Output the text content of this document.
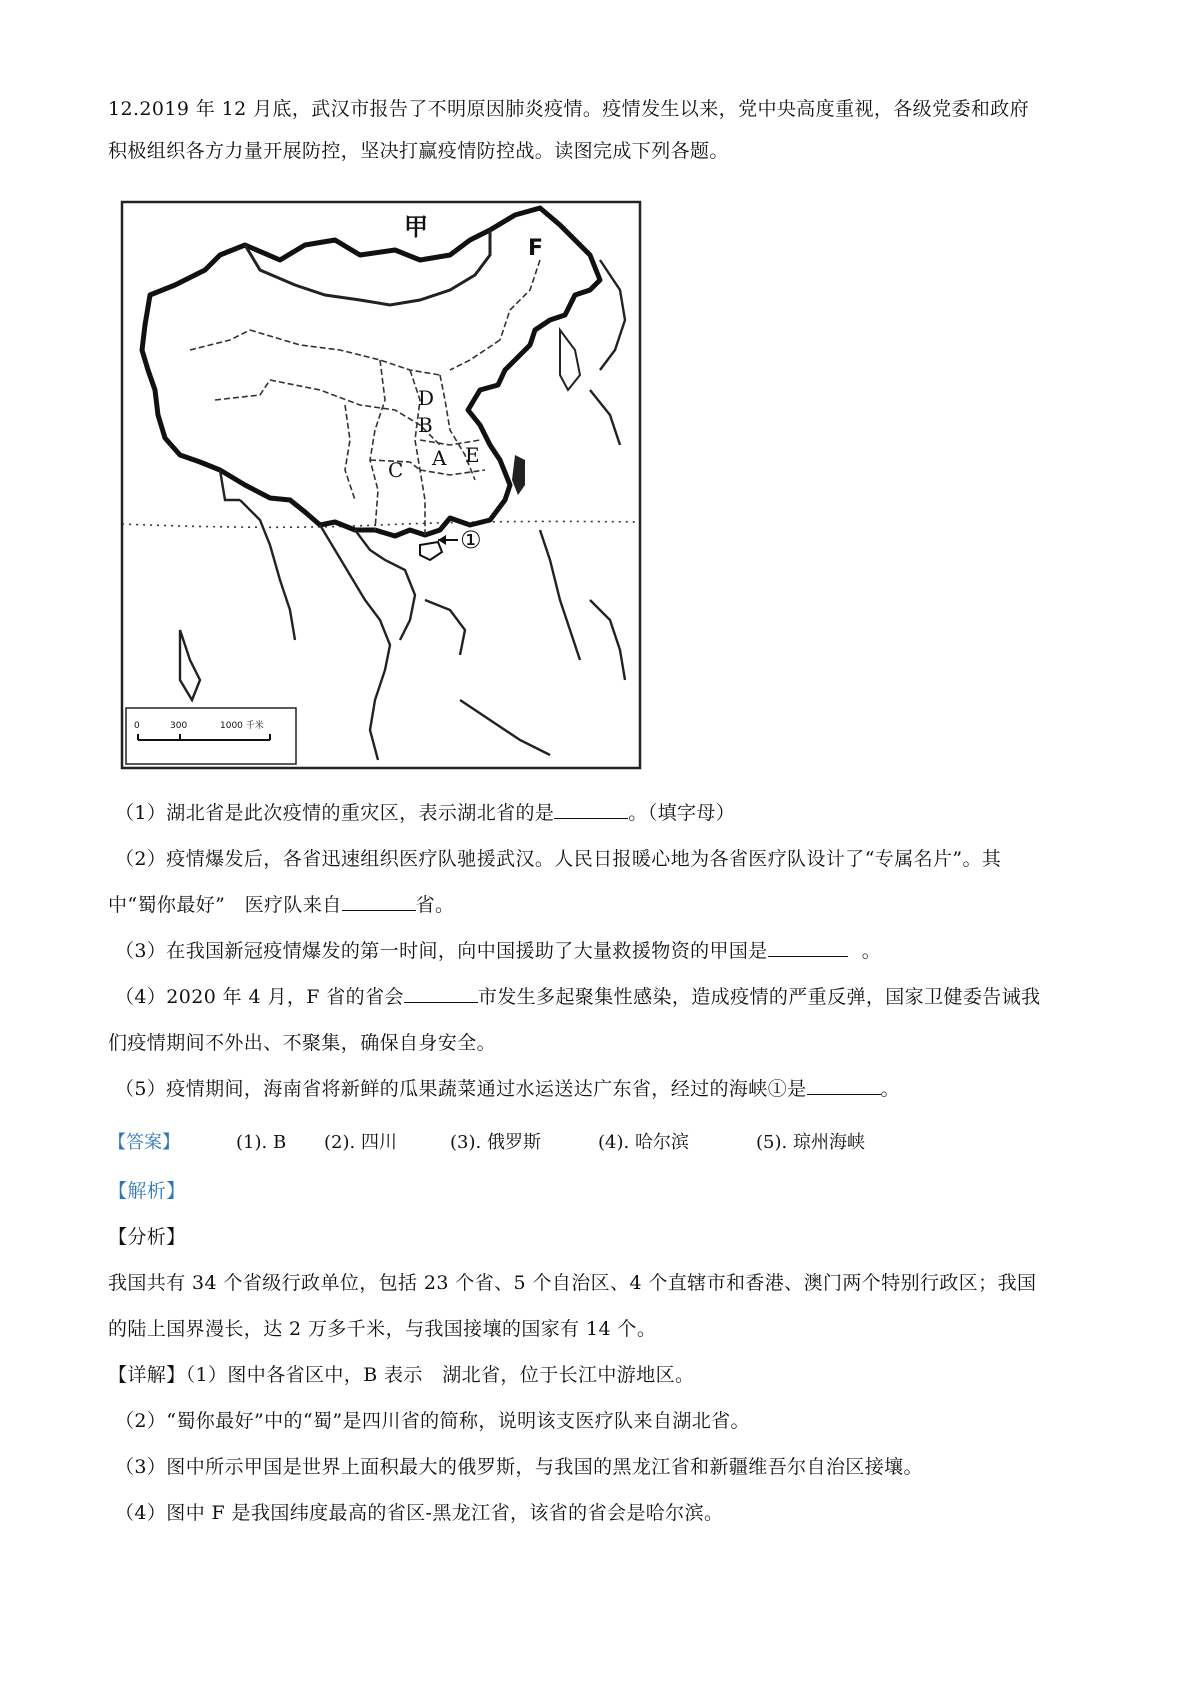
12.2019 年 12 月底，武汉市报告了不明原因肺炎疫情。疫情发生以来，党中央高度重视，各级党委和政府
积极组织各方力量开展防控，坚决打赢疫情防控战。读图完成下列各题。
甲
F
D
B
C A E
①
0	300	1000 千米
（1）湖北省是此次疫情的重灾区，表示湖北省的是	。（填字母）
（2）疫情爆发后，各省迅速组织医疗队驰援武汉。人民日报暖心地为各省医疗队设计了“专属名片”。其
中“蜀你最好”　医疗队来自	省。
（3）在我国新冠疫情爆发的第一时间，向中国援助了大量救援物资的甲国是	。
（4）2020 年 4 月，F 省的省会	市发生多起聚集性感染，造成疫情的严重反弹，国家卫健委告诫我
们疫情期间不外出、不聚集，确保自身安全。
（5）疫情期间，海南省将新鲜的瓜果蔬菜通过水运送达广东省，经过的海峡①是	。
【答案】	(1). B (2). 四川	(3). 俄罗斯	(4). 哈尔滨	(5). 琼州海峡
【解析】
【分析】
我国共有 34 个省级行政单位，包括 23 个省、5 个自治区、4 个直辖市和香港、澳门两个特别行政区；我国
的陆上国界漫长，达 2 万多千米，与我国接壤的国家有 14 个。
【详解】（1）图中各省区中，B 表示　湖北省，位于长江中游地区。
（2）“蜀你最好”中的“蜀”是四川省的简称，说明该支医疗队来自湖北省。
（3）图中所示甲国是世界上面积最大的俄罗斯，与我国的黑龙江省和新疆维吾尔自治区接壤。
（4）图中 F 是我国纬度最高的省区-黑龙江省，该省的省会是哈尔滨。
